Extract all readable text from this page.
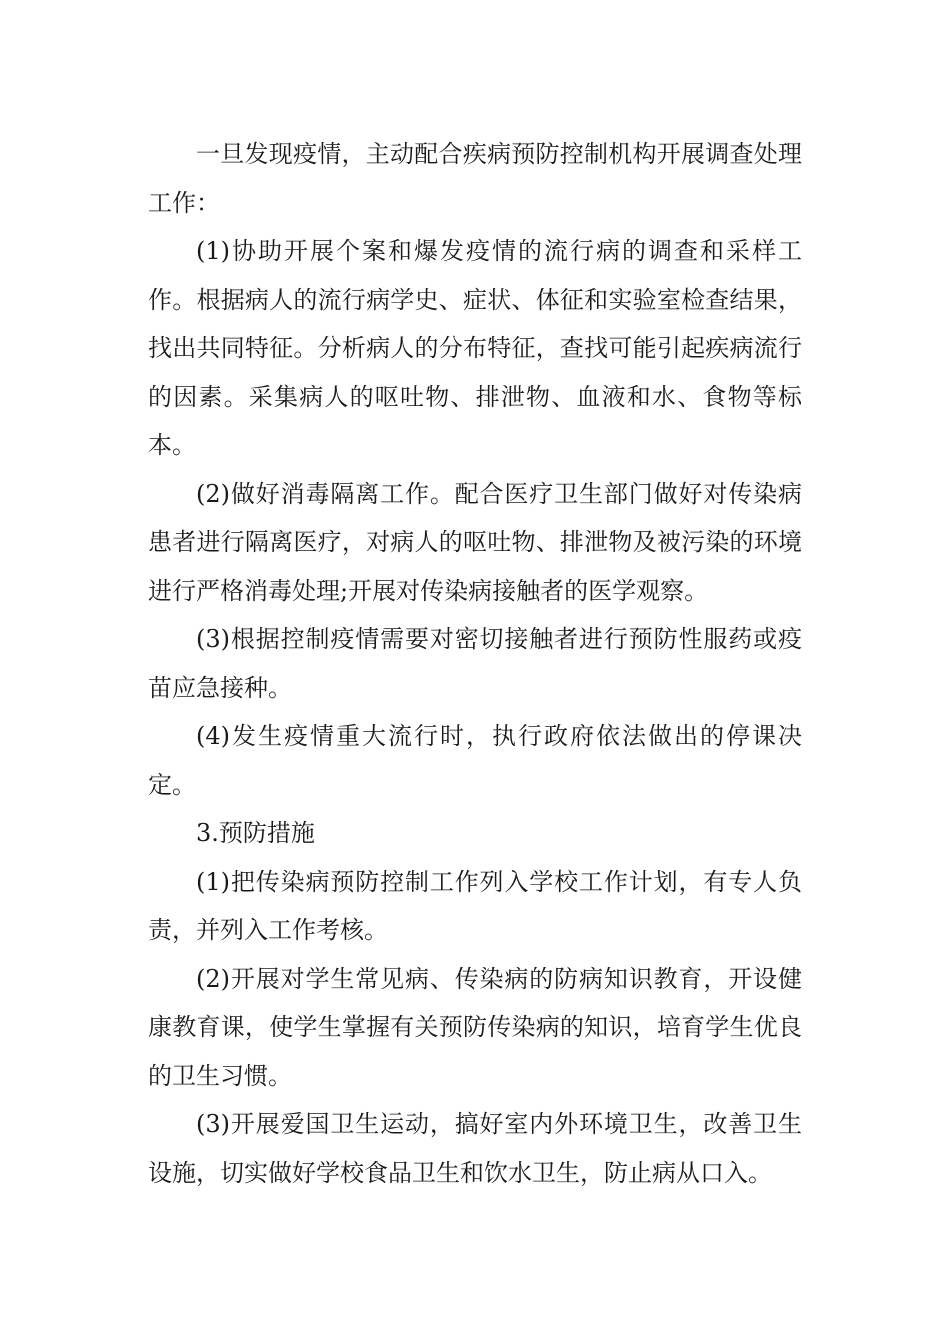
一旦发现疫情，主动配合疾病预防控制机构开展调查处理工作：

(1)协助开展个案和爆发疫情的流行病的调查和采样工作。根据病人的流行病学史、症状、体征和实验室检查结果，找出共同特征。分析病人的分布特征，查找可能引起疾病流行的因素。采集病人的呕吐物、排泄物、血液和水、食物等标本。

(2)做好消毒隔离工作。配合医疗卫生部门做好对传染病患者进行隔离医疗，对病人的呕吐物、排泄物及被污染的环境进行严格消毒处理;开展对传染病接触者的医学观察。

(3)根据控制疫情需要对密切接触者进行预防性服药或疫苗应急接种。

(4)发生疫情重大流行时，执行政府依法做出的停课决定。

3.预防措施

(1)把传染病预防控制工作列入学校工作计划，有专人负责，并列入工作考核。

(2)开展对学生常见病、传染病的防病知识教育，开设健康教育课，使学生掌握有关预防传染病的知识，培育学生优良的卫生习惯。

(3)开展爱国卫生运动，搞好室内外环境卫生，改善卫生设施，切实做好学校食品卫生和饮水卫生，防止病从口入。
